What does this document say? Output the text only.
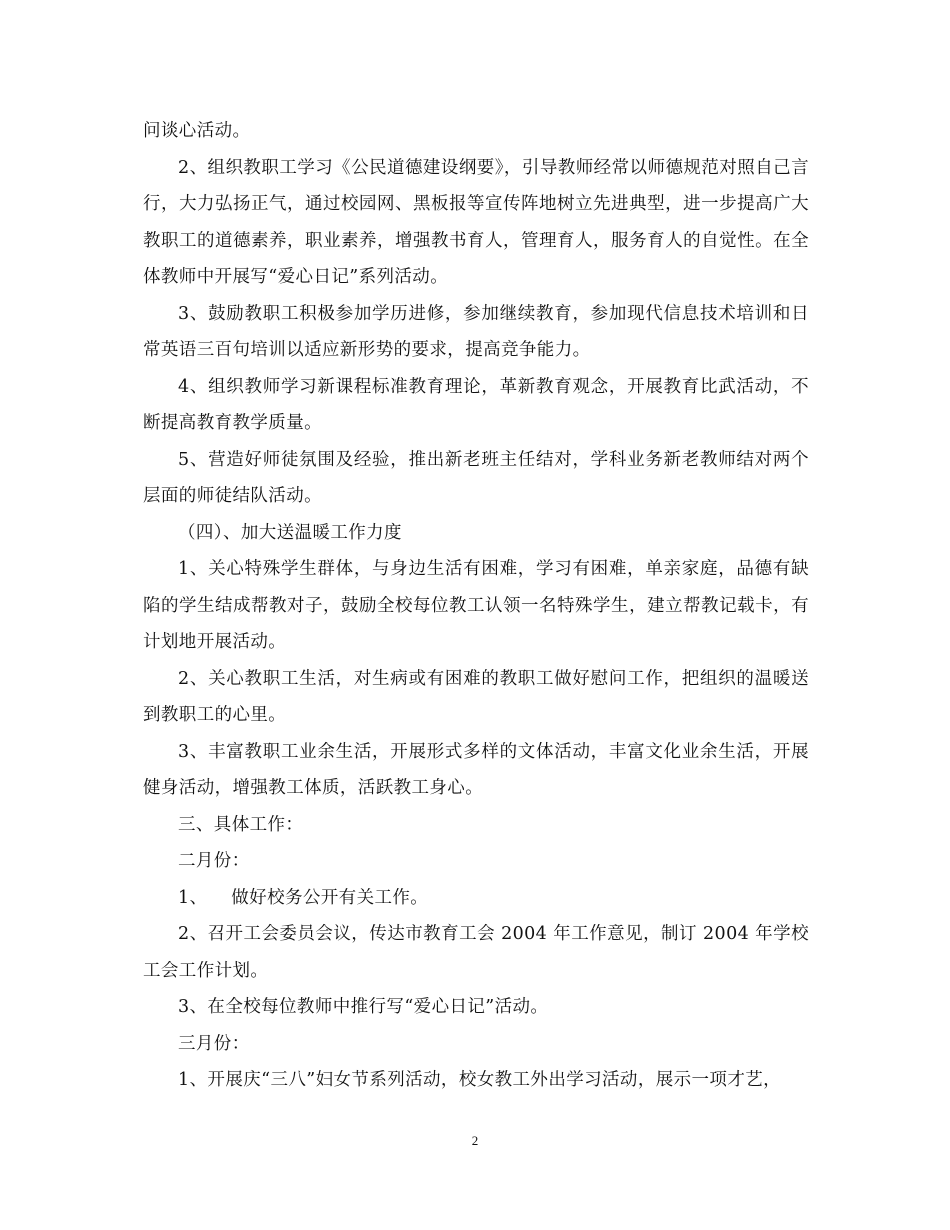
问谈心活动。

2、组织教职工学习《公民道德建设纲要》，引导教师经常以师德规范对照自己言行，大力弘扬正气，通过校园网、黑板报等宣传阵地树立先进典型，进一步提高广大教职工的道德素养，职业素养，增强教书育人，管理育人，服务育人的自觉性。在全体教师中开展写“爱心日记”系列活动。

3、鼓励教职工积极参加学历进修，参加继续教育，参加现代信息技术培训和日常英语三百句培训以适应新形势的要求，提高竞争能力。

4、组织教师学习新课程标准教育理论，革新教育观念，开展教育比武活动，不断提高教育教学质量。

5、营造好师徒氛围及经验，推出新老班主任结对，学科业务新老教师结对两个层面的师徒结队活动。

（四）、加大送温暖工作力度

1、关心特殊学生群体，与身边生活有困难，学习有困难，单亲家庭，品德有缺陷的学生结成帮教对子，鼓励全校每位教工认领一名特殊学生，建立帮教记载卡，有计划地开展活动。

2、关心教职工生活，对生病或有困难的教职工做好慰问工作，把组织的温暖送到教职工的心里。

3、丰富教职工业余生活，开展形式多样的文体活动，丰富文化业余生活，开展健身活动，增强教工体质，活跃教工身心。

三、具体工作：

二月份：

1、    做好校务公开有关工作。

2、召开工会委员会议，传达市教育工会 2004 年工作意见，制订 2004 年学校工会工作计划。

3、在全校每位教师中推行写“爱心日记”活动。

三月份：

1、开展庆“三八”妇女节系列活动，校女教工外出学习活动，展示一项才艺，

2
